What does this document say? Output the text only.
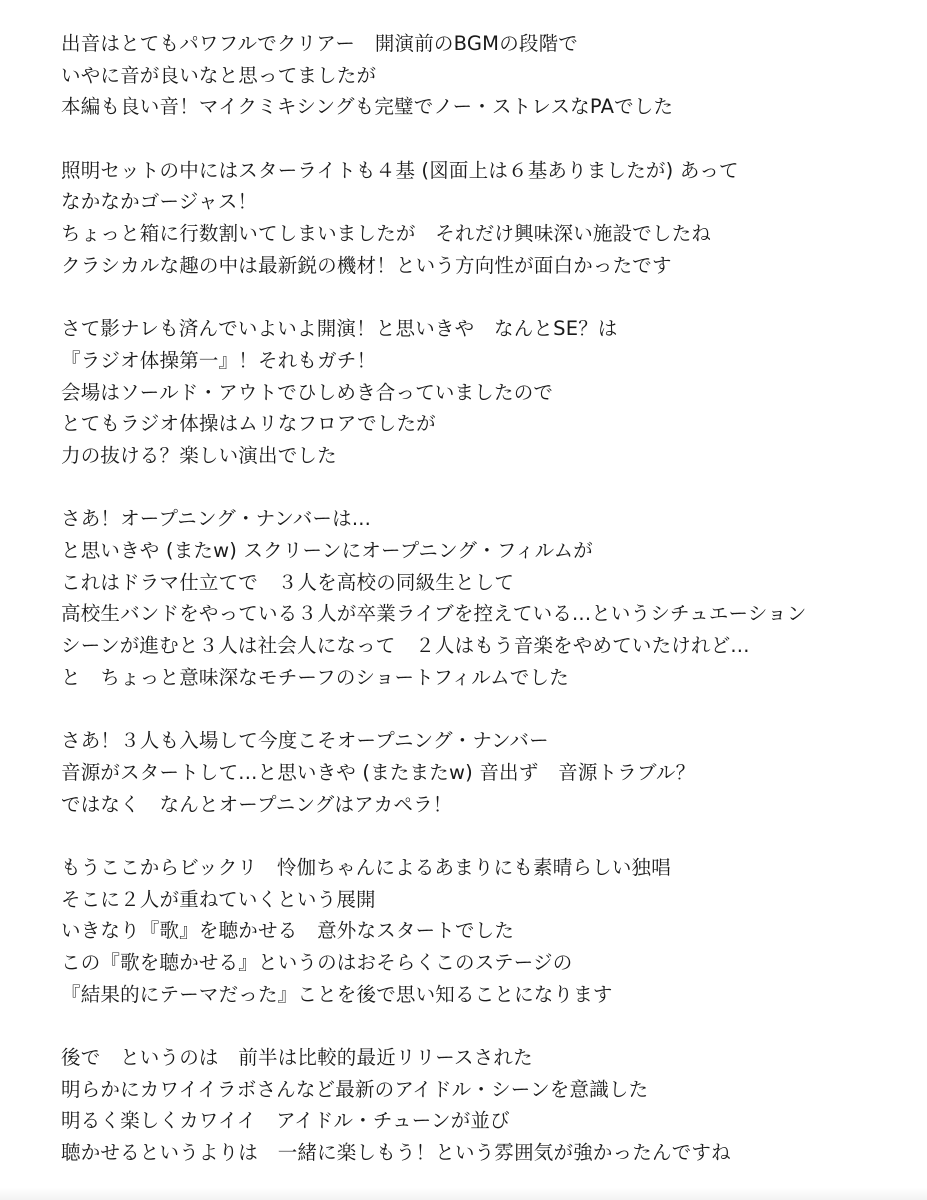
出音はとてもパワフルでクリアー　開演前のBGMの段階で
いやに音が良いなと思ってましたが
本編も良い音！マイクミキシングも完璧でノー・ストレスなPAでした
照明セットの中にはスターライトも４基 (図面上は６基ありましたが) あって
なかなかゴージャス！
ちょっと箱に行数割いてしまいましたが　それだけ興味深い施設でしたね
クラシカルな趣の中は最新鋭の機材！という方向性が面白かったです
さて影ナレも済んでいよいよ開演！と思いきや　なんとSE？は
『ラジオ体操第一』！それもガチ！
会場はソールド・アウトでひしめき合っていましたので
とてもラジオ体操はムリなフロアでしたが
力の抜ける？楽しい演出でした
さあ！オープニング・ナンバーは...
と思いきや (またw) スクリーンにオープニング・フィルムが
これはドラマ仕立てで　３人を高校の同級生として
高校生バンドをやっている３人が卒業ライブを控えている...というシチュエーション
シーンが進むと３人は社会人になって　２人はもう音楽をやめていたけれど...
と　ちょっと意味深なモチーフのショートフィルムでした
さあ！３人も入場して今度こそオープニング・ナンバー
音源がスタートして...と思いきや (またまたw) 音出ず　音源トラブル？
ではなく　なんとオープニングはアカペラ！
もうここからビックリ　怜伽ちゃんによるあまりにも素晴らしい独唱
そこに２人が重ねていくという展開
いきなり『歌』を聴かせる　意外なスタートでした
この『歌を聴かせる』というのはおそらくこのステージの
『結果的にテーマだった』ことを後で思い知ることになります
後で　というのは　前半は比較的最近リリースされた
明らかにカワイイラボさんなど最新のアイドル・シーンを意識した
明るく楽しくカワイイ　アイドル・チューンが並び
聴かせるというよりは　一緒に楽しもう！という雰囲気が強かったんですね
